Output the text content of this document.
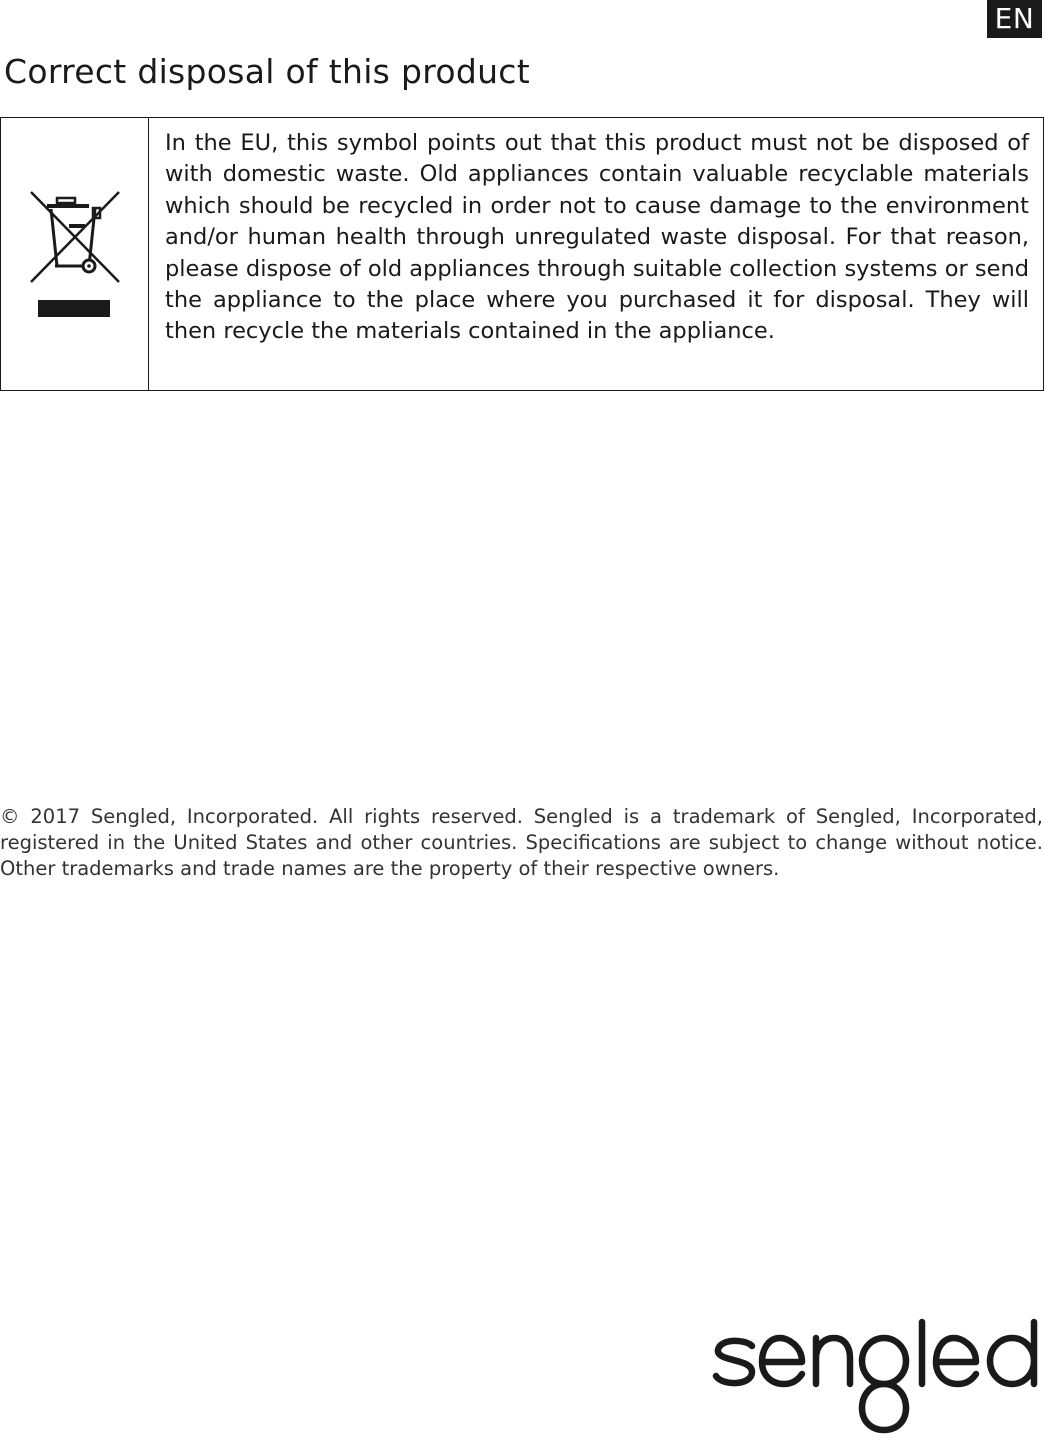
EN
Correct disposal of this product
In the EU, this symbol points out that this product must not be disposed of with domestic waste. Old appliances contain valuable recyclable materials which should be recycled in order not to cause damage to the environment and/or human health through unregulated waste disposal. For that reason, please dispose of old appliances through suitable collection systems or send the appliance to the place where you purchased it for disposal. They will then recycle the materials contained in the appliance.

© 2017 Sengled, Incorporated. All rights reserved. Sengled is a trademark of Sengled, Incorporated, registered in the United States and other countries. Specifications are subject to change without notice. Other trademarks and trade names are the property of their respective owners.
